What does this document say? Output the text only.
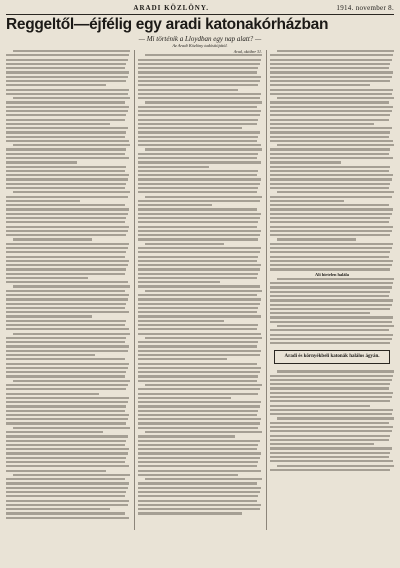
ARADI KÖZLÖNY.	1914. november 8.
Reggeltől—éjfélig egy aradi katonakórházban
— Mi történik a Lloydban egy nap alatt? —
Az Aradi Közlöny tudósítójától.
Arad, október 31.
Ali hirtelen halála
Aradi és környékbeli katonák halálos ágyán.
